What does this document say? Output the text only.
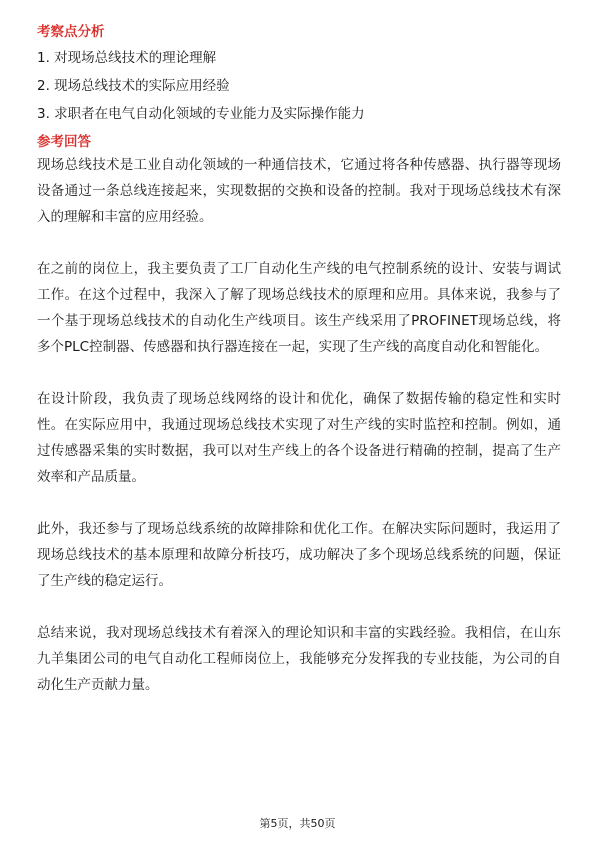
考察点分析
1. 对现场总线技术的理论理解
2. 现场总线技术的实际应用经验
3. 求职者在电气自动化领域的专业能力及实际操作能力
参考回答

现场总线技术是工业自动化领域的一种通信技术，它通过将各种传感器、执行器等现场设备通过一条总线连接起来，实现数据的交换和设备的控制。我对于现场总线技术有深入的理解和丰富的应用经验。

在之前的岗位上，我主要负责了工厂自动化生产线的电气控制系统的设计、安装与调试工作。在这个过程中，我深入了解了现场总线技术的原理和应用。具体来说，我参与了一个基于现场总线技术的自动化生产线项目。该生产线采用了PROFINET现场总线，将多个PLC控制器、传感器和执行器连接在一起，实现了生产线的高度自动化和智能化。

在设计阶段，我负责了现场总线网络的设计和优化，确保了数据传输的稳定性和实时性。在实际应用中，我通过现场总线技术实现了对生产线的实时监控和控制。例如，通过传感器采集的实时数据，我可以对生产线上的各个设备进行精确的控制，提高了生产效率和产品质量。

此外，我还参与了现场总线系统的故障排除和优化工作。在解决实际问题时，我运用了现场总线技术的基本原理和故障分析技巧，成功解决了多个现场总线系统的问题，保证了生产线的稳定运行。

总结来说，我对现场总线技术有着深入的理论知识和丰富的实践经验。我相信，在山东九羊集团公司的电气自动化工程师岗位上，我能够充分发挥我的专业技能，为公司的自动化生产贡献力量。

第5页，共50页
